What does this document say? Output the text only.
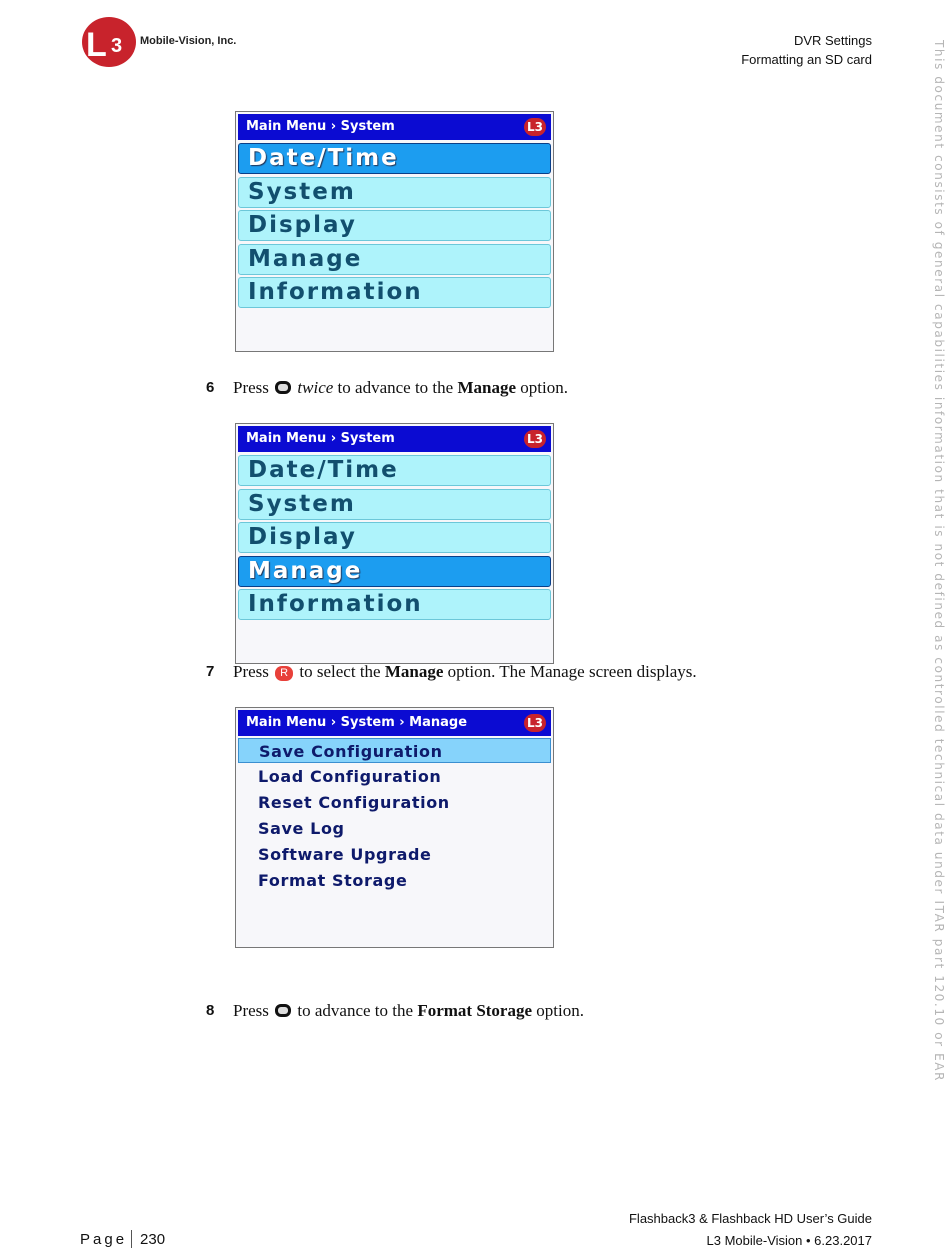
L 3 Mobile-Vision, Inc.	DVR Settings
Formatting an SD card	This document consists of general capabilities information that is not defined as controlled technical data under ITAR part 120.10 or EAR
Main Menu › System	L3
Date/Time
System
Display
Manage
Information
6 Press twice to advance to the Manage option.
Main Menu › System	L3
Date/Time
System
Display
Manage
Information
7 Press R to select the Manage option. The Manage screen displays.
Main Menu › System › Manage	L3
Save Configuration
Load Configuration
Reset Configuration
Save Log
Software Upgrade
Format Storage
8 Press to advance to the Format Storage option.
Flashback3 & Flashback HD User’s Guide
L3 Mobile-Vision • 6.23.2017
Page 230
